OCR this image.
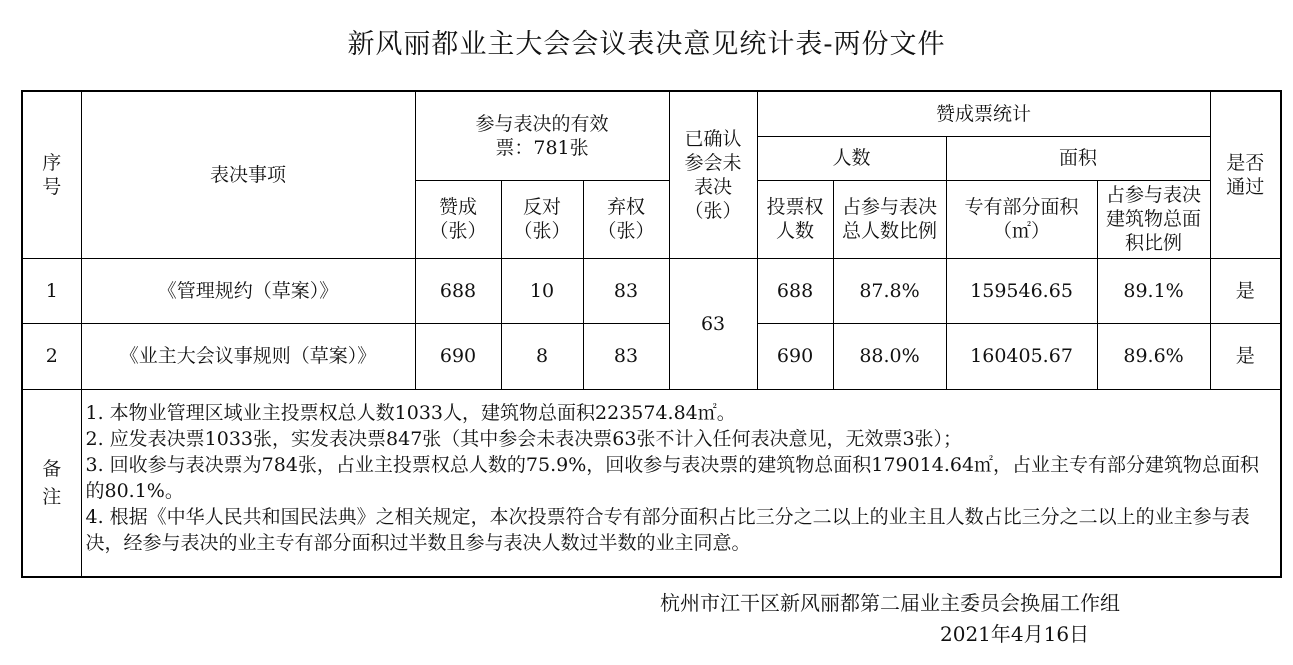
新风丽都业主大会会议表决意见统计表-两份文件
序号	表决事项	参与表决的有效票：781张			已确认参会未表决（张）	赞成票统计				是否通过
						人数		面积		
		赞成（张）	反对（张）	弃权（张）		投票权人数	占参与表决总人数比例	专有部分面积（㎡）	占参与表决建筑物总面积比例	
1	《管理规约（草案）》	688	10	83	63	688	87.8%	159546.65	89.1%	是
2	《业主大会议事规则（草案）》	690	8	83		690	88.0%	160405.67	89.6%	是
备注	1. 本物业管理区域业主投票权总人数1033人，建筑物总面积223574.84㎡。
2. 应发表决票1033张，实发表决票847张（其中参会未表决票63张不计入任何表决意见，无效票3张）；
3. 回收参与表决票为784张，占业主投票权总人数的75.9%，回收参与表决票的建筑物总面积179014.64㎡，占业主专有部分建筑物总面积的80.1%。
4. 根据《中华人民共和国民法典》之相关规定，本次投票符合专有部分面积占比三分之二以上的业主且人数占比三分之二以上的业主参与表决，经参与表决的业主专有部分面积过半数且参与表决人数过半数的业主同意。									
杭州市江干区新风丽都第二届业主委员会换届工作组
2021年4月16日
